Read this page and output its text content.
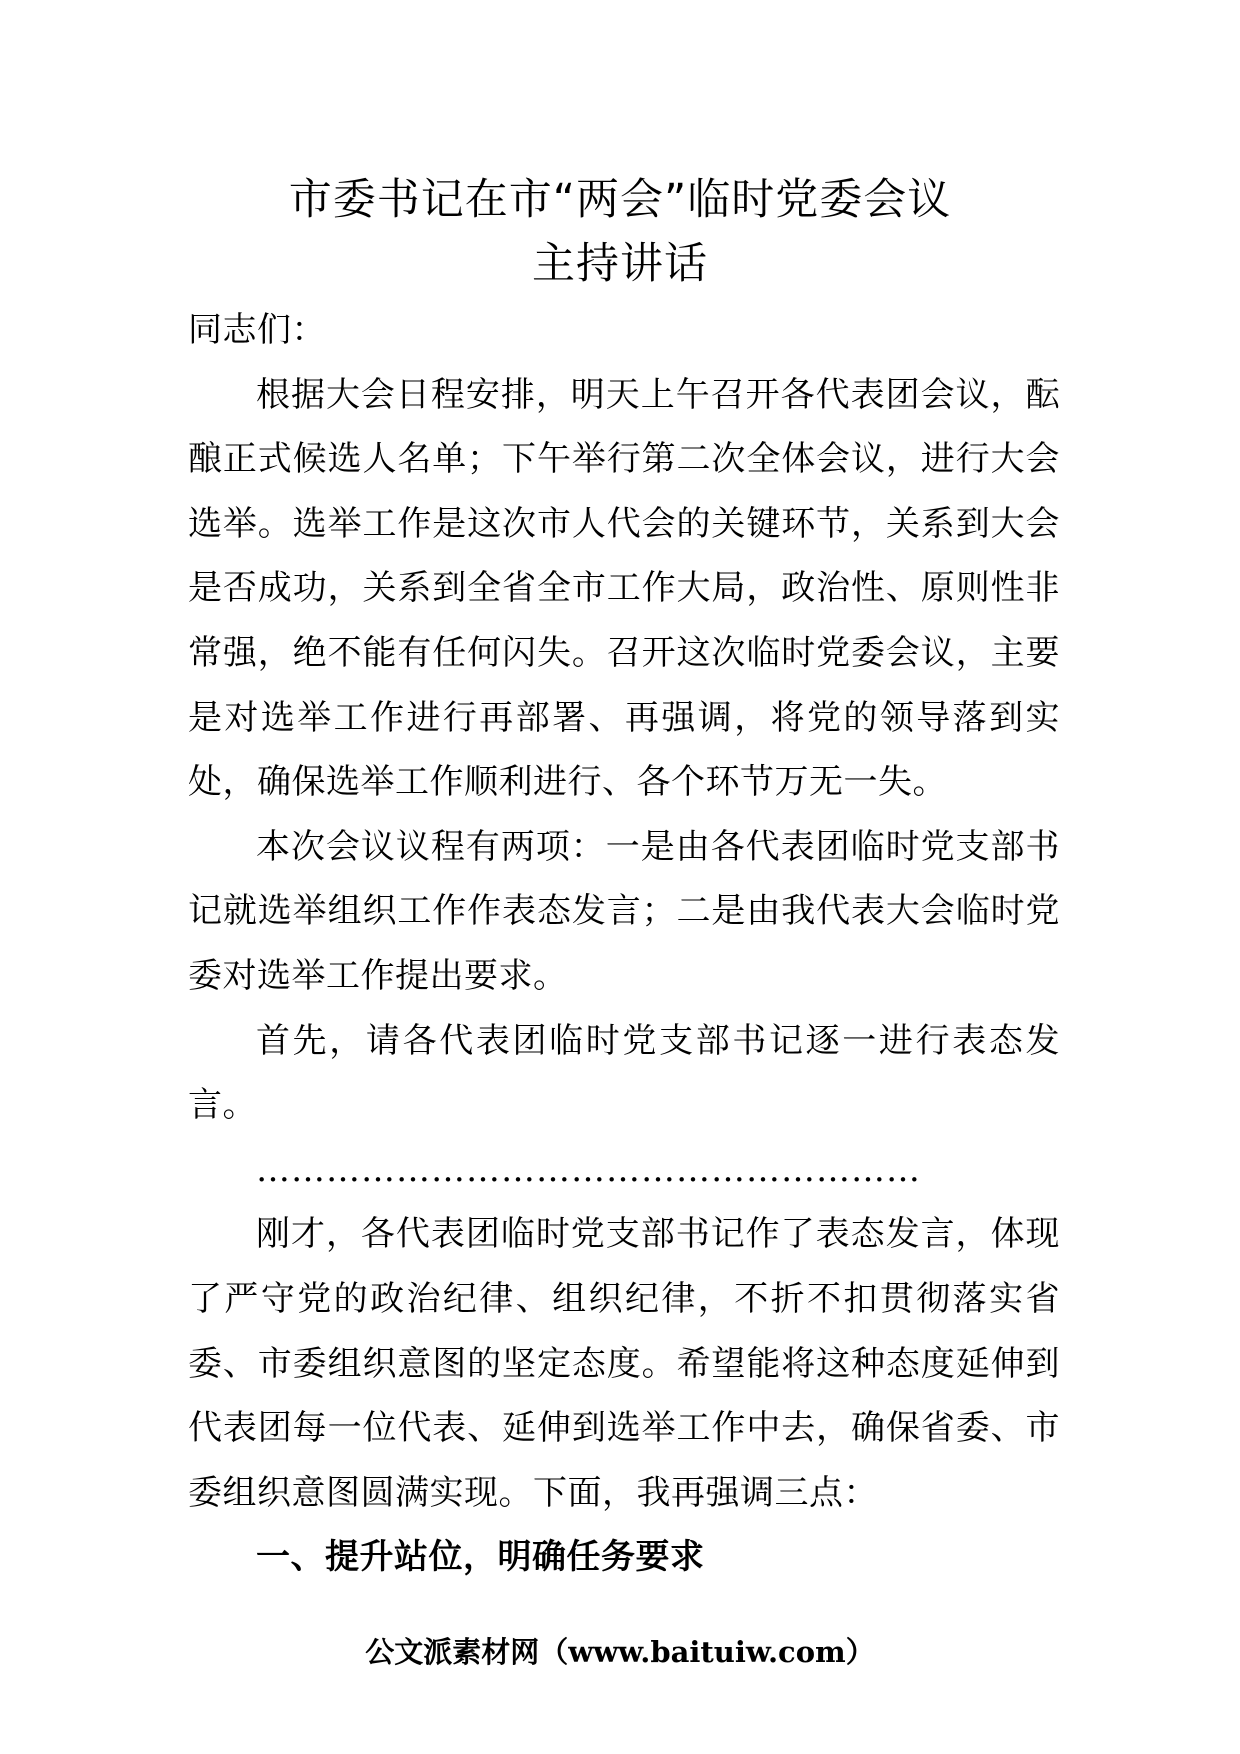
市委书记在市“两会”临时党委会议
主持讲话

同志们：

根据大会日程安排，明天上午召开各代表团会议，酝酿正式候选人名单；下午举行第二次全体会议，进行大会选举。选举工作是这次市人代会的关键环节，关系到大会是否成功，关系到全省全市工作大局，政治性、原则性非常强，绝不能有任何闪失。召开这次临时党委会议，主要是对选举工作进行再部署、再强调，将党的领导落到实处，确保选举工作顺利进行、各个环节万无一失。

本次会议议程有两项：一是由各代表团临时党支部书记就选举组织工作作表态发言；二是由我代表大会临时党委对选举工作提出要求。

首先，请各代表团临时党支部书记逐一进行表态发言。

…………………………………………………

刚才，各代表团临时党支部书记作了表态发言，体现了严守党的政治纪律、组织纪律，不折不扣贯彻落实省委、市委组织意图的坚定态度。希望能将这种态度延伸到代表团每一位代表、延伸到选举工作中去，确保省委、市委组织意图圆满实现。下面，我再强调三点：

一、提升站位，明确任务要求

公文派素材网（www.baituiw.com）
